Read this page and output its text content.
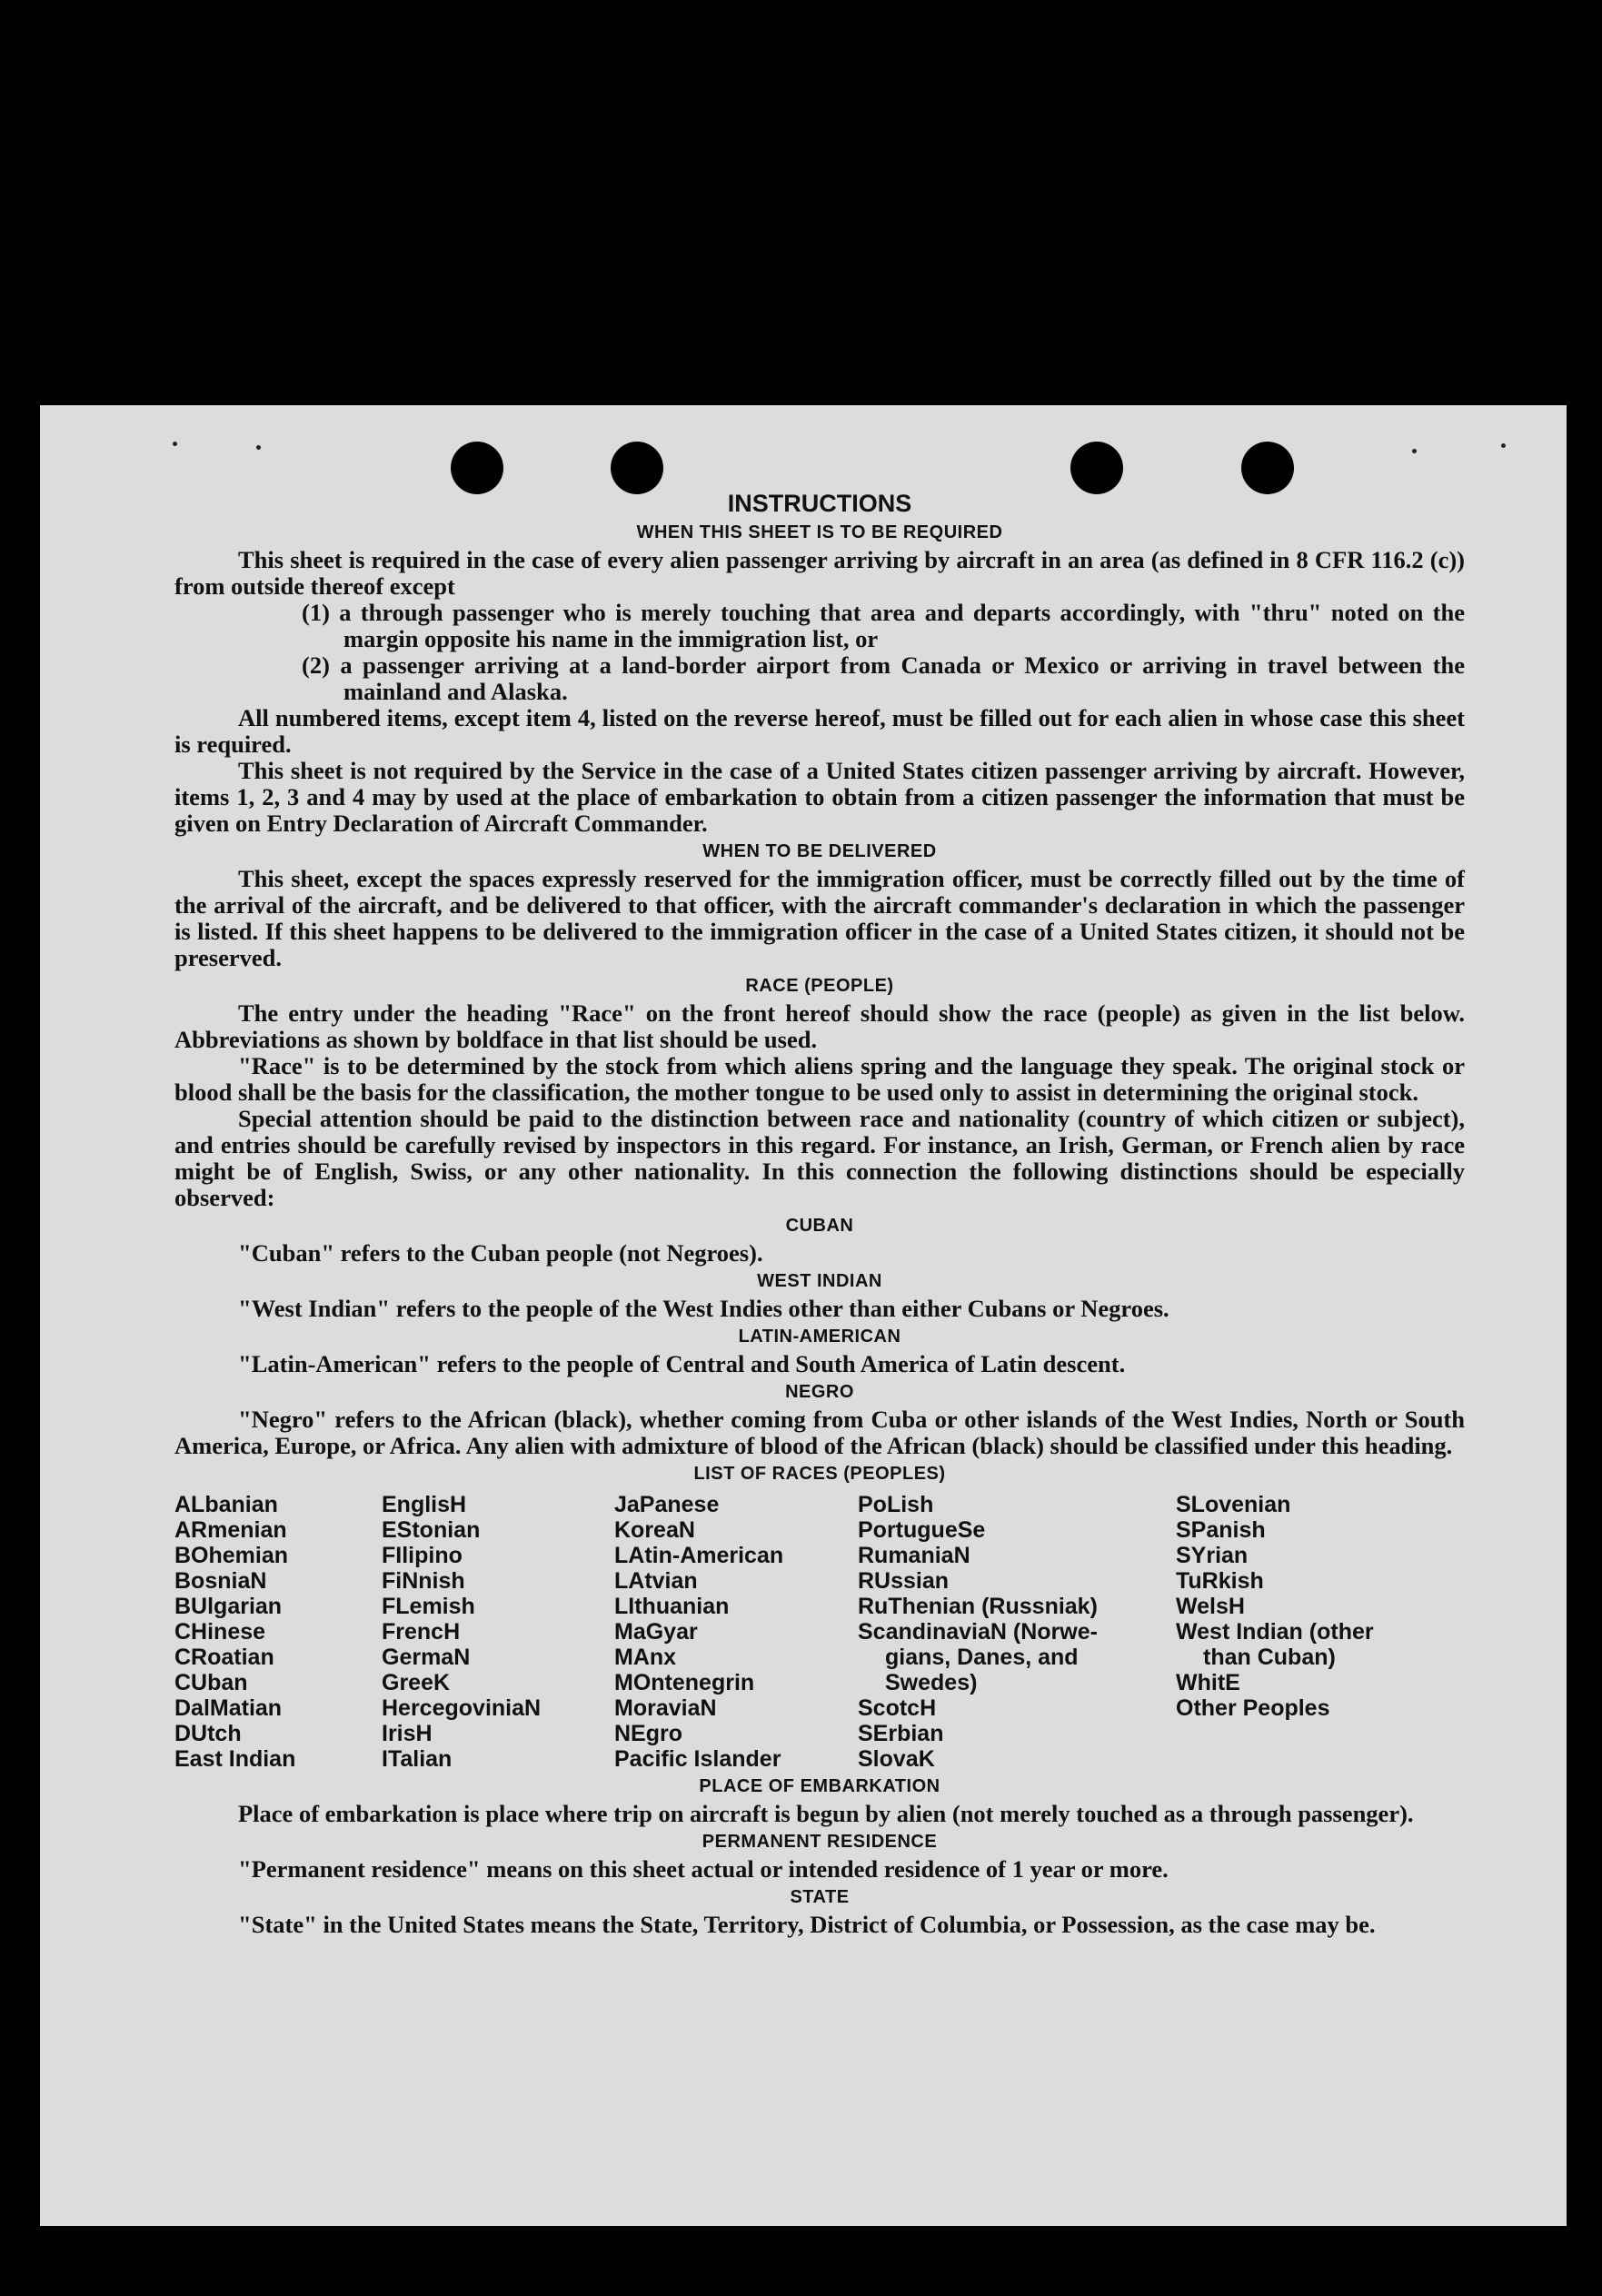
INSTRUCTIONS
WHEN THIS SHEET IS TO BE REQUIRED

This sheet is required in the case of every alien passenger arriving by aircraft in an area (as defined in 8 CFR 116.2 (c)) from outside thereof except

(1) a through passenger who is merely touching that area and departs accordingly, with "thru" noted on the margin opposite his name in the immigration list, or

(2) a passenger arriving at a land-border airport from Canada or Mexico or arriving in travel between the mainland and Alaska.

All numbered items, except item 4, listed on the reverse hereof, must be filled out for each alien in whose case this sheet is required.

This sheet is not required by the Service in the case of a United States citizen passenger arriving by aircraft. However, items 1, 2, 3 and 4 may by used at the place of embarkation to obtain from a citizen passenger the information that must be given on Entry Declaration of Aircraft Commander.

WHEN TO BE DELIVERED

This sheet, except the spaces expressly reserved for the immigration officer, must be correctly filled out by the time of the arrival of the aircraft, and be delivered to that officer, with the aircraft commander's declaration in which the passenger is listed. If this sheet happens to be delivered to the immigration officer in the case of a United States citizen, it should not be preserved.

RACE (PEOPLE)

The entry under the heading "Race" on the front hereof should show the race (people) as given in the list below. Abbreviations as shown by boldface in that list should be used.

"Race" is to be determined by the stock from which aliens spring and the language they speak. The original stock or blood shall be the basis for the classification, the mother tongue to be used only to assist in determining the original stock.

Special attention should be paid to the distinction between race and nationality (country of which citizen or subject), and entries should be carefully revised by inspectors in this regard. For instance, an Irish, German, or French alien by race might be of English, Swiss, or any other nationality. In this connection the following distinctions should be especially observed:

CUBAN

"Cuban" refers to the Cuban people (not Negroes).

WEST INDIAN

"West Indian" refers to the people of the West Indies other than either Cubans or Negroes.

LATIN-AMERICAN

"Latin-American" refers to the people of Central and South America of Latin descent.

NEGRO

"Negro" refers to the African (black), whether coming from Cuba or other islands of the West Indies, North or South America, Europe, or Africa. Any alien with admixture of blood of the African (black) should be classified under this heading.

LIST OF RACES (PEOPLES)
ALbanian
ARmenian
BOhemian
BosniaN
BUlgarian
CHinese
CRoatian
CUban
DalMatian
DUtch
East Indian
EnglisH
EStonian
FIlipino
FiNnish
FLemish
FrencH
GermaN
GreeK
HercegoviniaN
IrisH
ITalian
JaPanese
KoreaN
LAtin-American
LAtvian
LIthuanian
MaGyar
MAnx
MOntenegrin
MoraviaN
NEgro
Pacific Islander
PoLish
PortugueSe
RumaniaN
RUssian
RuThenian (Russniak)
ScandinaviaN (Norwe-
gians, Danes, and
Swedes)
ScotcH
SErbian
SlovaK
SLovenian
SPanish
SYrian
TuRkish
WelsH
West Indian (other
than Cuban)
WhitE
Other Peoples
PLACE OF EMBARKATION

Place of embarkation is place where trip on aircraft is begun by alien (not merely touched as a through passenger).

PERMANENT RESIDENCE

"Permanent residence" means on this sheet actual or intended residence of 1 year or more.

STATE

"State" in the United States means the State, Territory, District of Columbia, or Possession, as the case may be.
